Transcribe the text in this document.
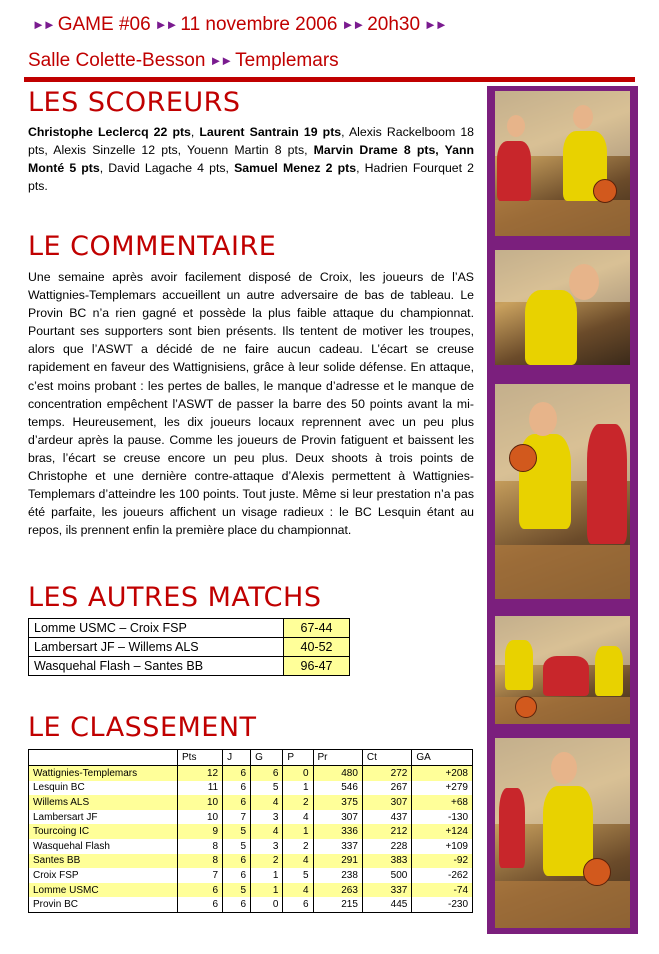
►► GAME #06 ►► 11 novembre 2006 ►► 20h30 ►►
Salle Colette-Besson ►► Templemars
LES SCOREURS
Christophe Leclercq 22 pts, Laurent Santrain 19 pts, Alexis Rackelboom 18 pts, Alexis Sinzelle 12 pts, Youenn Martin 8 pts, Marvin Drame 8 pts, Yann Monté 5 pts, David Lagache 4 pts, Samuel Menez 2 pts, Hadrien Fourquet 2 pts.
LE COMMENTAIRE
Une semaine après avoir facilement disposé de Croix, les joueurs de l’AS Wattignies-Templemars accueillent un autre adversaire de bas de tableau. Le Provin BC n’a rien gagné et possède la plus faible attaque du championnat. Pourtant ses supporters sont bien présents. Ils tentent de motiver les troupes, alors que l’ASWT a décidé de ne faire aucun cadeau. L’écart se creuse rapidement en faveur des Wattignisiens, grâce à leur solide défense. En attaque, c’est moins probant : les pertes de balles, le manque d’adresse et le manque de concentration empêchent l’ASWT de passer la barre des 50 points avant la mi-temps. Heureusement, les dix joueurs locaux reprennent avec un peu plus d’ardeur après la pause. Comme les joueurs de Provin fatiguent et baissent les bras, l’écart se creuse encore un peu plus. Deux shoots à trois points de Christophe et une dernière contre-attaque d’Alexis permettent à Wattignies-Templemars d’atteindre les 100 points. Tout juste. Même si leur prestation n’a pas été parfaite, les joueurs affichent un visage radieux : le BC Lesquin étant au repos, ils prennent enfin la première place du championnat.
LES AUTRES MATCHS
Lomme USMC – Croix FSP	67-44
Lambersart JF – Willems ALS	40-52
Wasquehal Flash – Santes BB	96-47
LE CLASSEMENT
	Pts	J	G	P	Pr	Ct	GA
Wattignies-Templemars	12	6	6	0	480	272	+208
Lesquin BC	11	6	5	1	546	267	+279
Willems ALS	10	6	4	2	375	307	+68
Lambersart JF	10	7	3	4	307	437	-130
Tourcoing IC	9	5	4	1	336	212	+124
Wasquehal Flash	8	5	3	2	337	228	+109
Santes BB	8	6	2	4	291	383	-92
Croix FSP	7	6	1	5	238	500	-262
Lomme USMC	6	5	1	4	263	337	-74
Provin BC	6	6	0	6	215	445	-230
